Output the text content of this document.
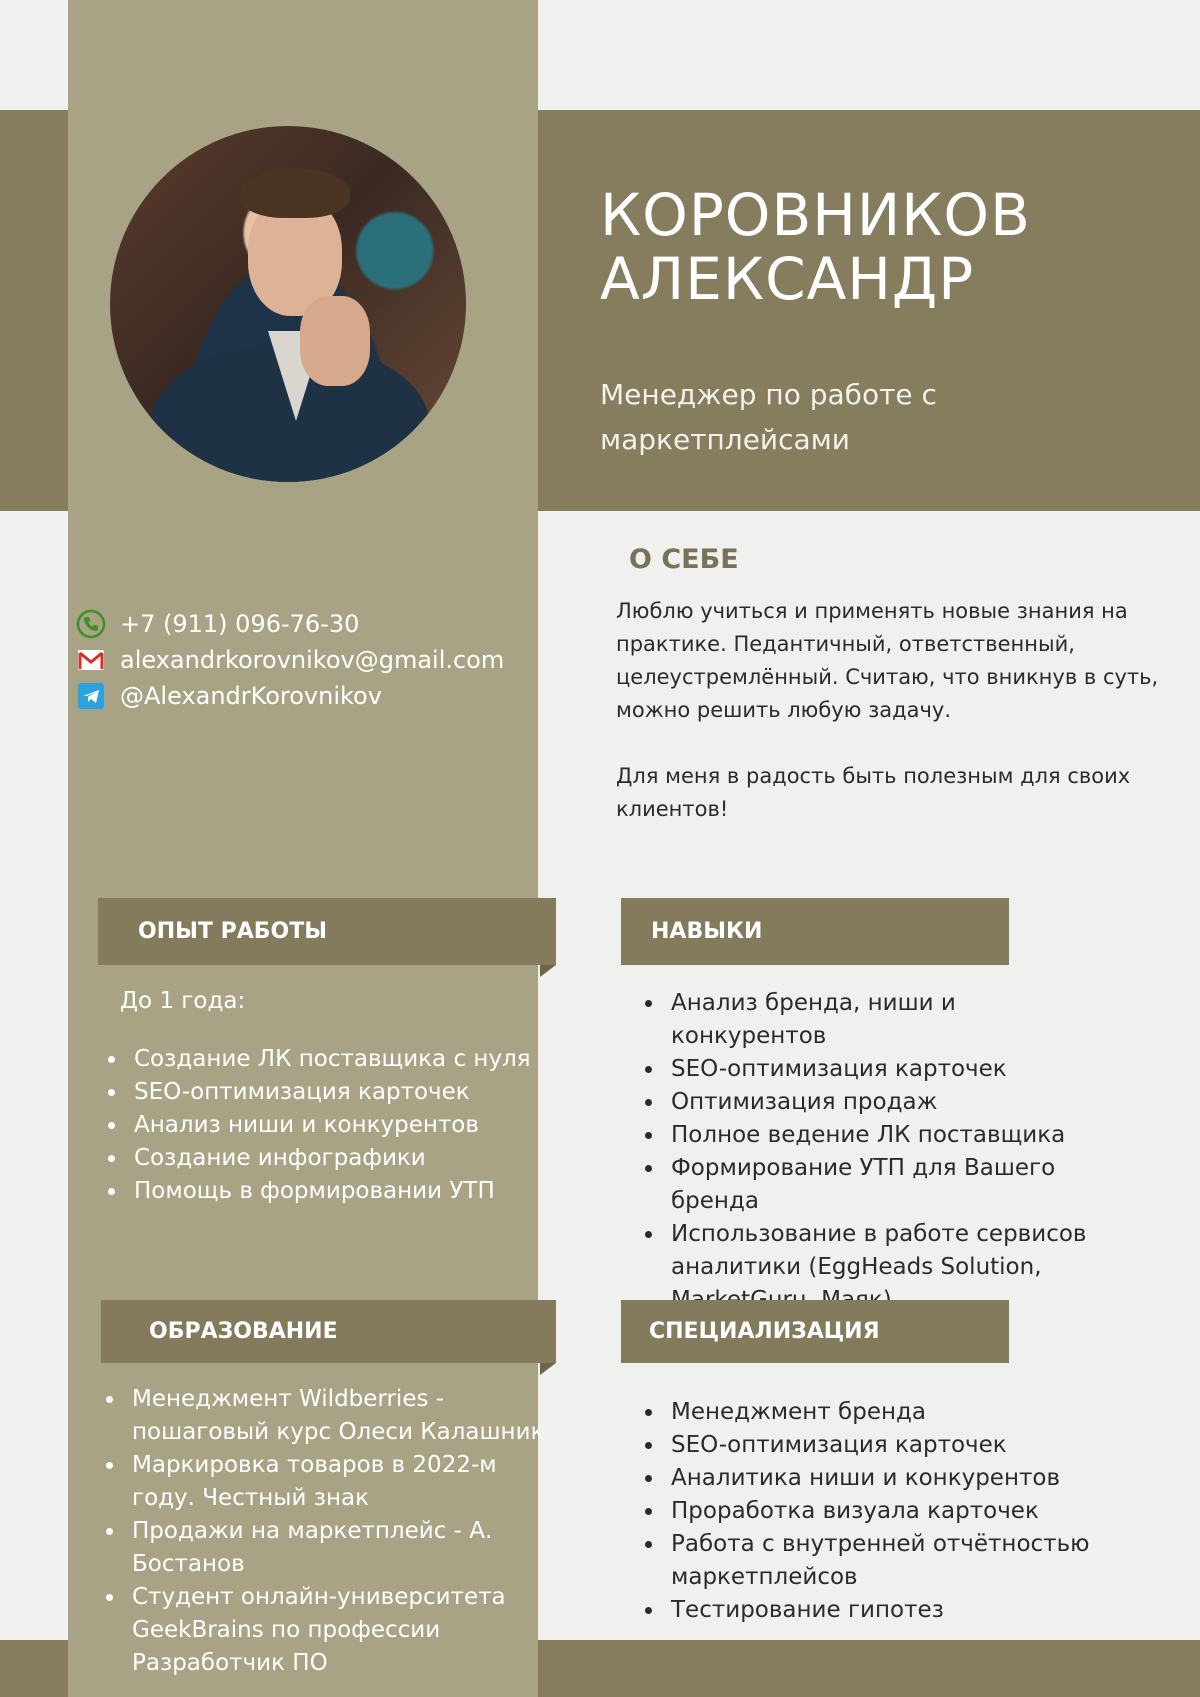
КОРОВНИКОВ
АЛЕКСАНДР
Менеджер по работе с маркетплейсами
+7 (911) 096-76-30
alexandrkorovnikov@gmail.com
@AlexandrKorovnikov
О СЕБЕ

Люблю учиться и применять новые знания на практике. Педантичный, ответственный, целеустремлённый. Считаю, что вникнув в суть, можно решить любую задачу.

Для меня в радость быть полезным для своих клиентов!

ОПЫТ РАБОТЫ
До 1 года:
Создание ЛК поставщика с нуля
SEO-оптимизация карточек
Анализ ниши и конкурентов
Создание инфографики
Помощь в формировании УТП
НАВЫКИ
Анализ бренда, ниши и конкурентов
SEO-оптимизация карточек
Оптимизация продаж
Полное ведение ЛК поставщика
Формирование УТП для Вашего бренда
Использование в работе сервисов аналитики (EggHeads Solution,
ОБРАЗОВАНИЕ
Менеджмент Wildberries - пошаговый курс Олеси Калашник
Маркировка товаров в 2022-м году. Честный знак
Продажи на маркетплейс - А. Бостанов
Студент онлайн-университета GeekBrains по профессии Разработчик ПО
СПЕЦИАЛИЗАЦИЯ
Менеджмент бренда
SEO-оптимизация карточек
Аналитика ниши и конкурентов
Проработка визуала карточек
Работа с внутренней отчётностью маркетплейсов
Тестирование гипотез
